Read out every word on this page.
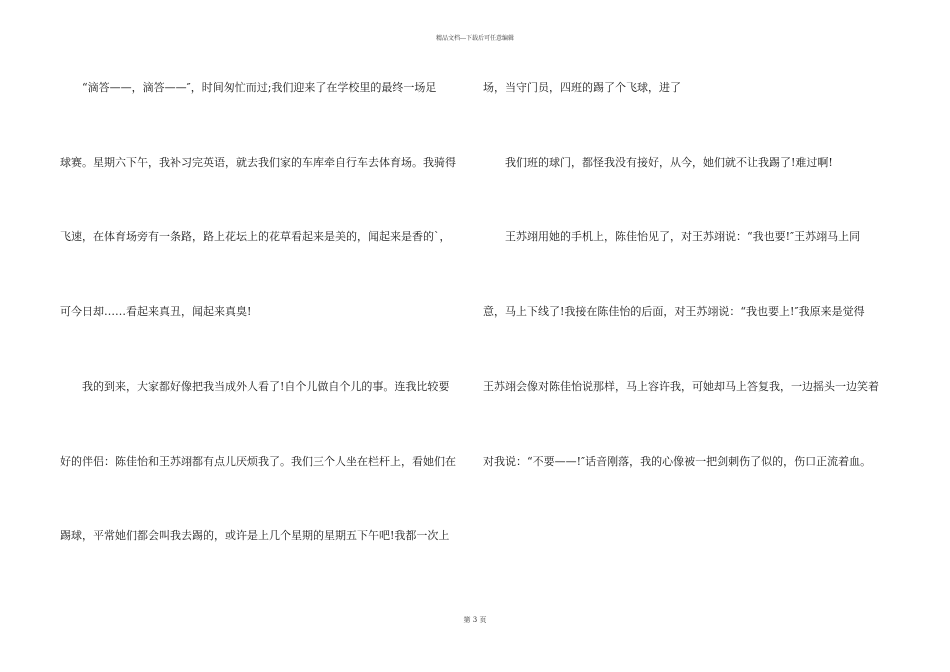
精品文档---下载后可任意编辑
“滴答——，滴答——″，时间匆忙而过;我们迎来了在学校里的最终一场足
球赛。星期六下午，我补习完英语，就去我们家的车库牵自行车去体育场。我骑得
飞速，在体育场旁有一条路，路上花坛上的花草看起来是美的，闻起来是香的`，
可今日却……看起来真丑，闻起来真臭!
我的到来，大家都好像把我当成外人看了!自个儿做自个儿的事。连我比较要
好的伴侣：陈佳怡和王苏翊都有点儿厌烦我了。我们三个人坐在栏杆上，看她们在
踢球，平常她们都会叫我去踢的，或许是上几个星期的星期五下午吧!我都一次上
场，当守门员，四班的踢了个飞球，进了
我们班的球门，都怪我没有接好，从今，她们就不让我踢了!难过啊!
王苏翊用她的手机上，陈佳怡见了，对王苏翊说：“我也要!″王苏翊马上同
意，马上下线了!我接在陈佳怡的后面，对王苏翊说：“我也要上!″我原来是觉得
王苏翊会像对陈佳怡说那样，马上容许我，可她却马上答复我，一边摇头一边笑着
对我说：“不要——!″话音刚落，我的心像被一把剑刺伤了似的，伤口正流着血。
第 3 页
